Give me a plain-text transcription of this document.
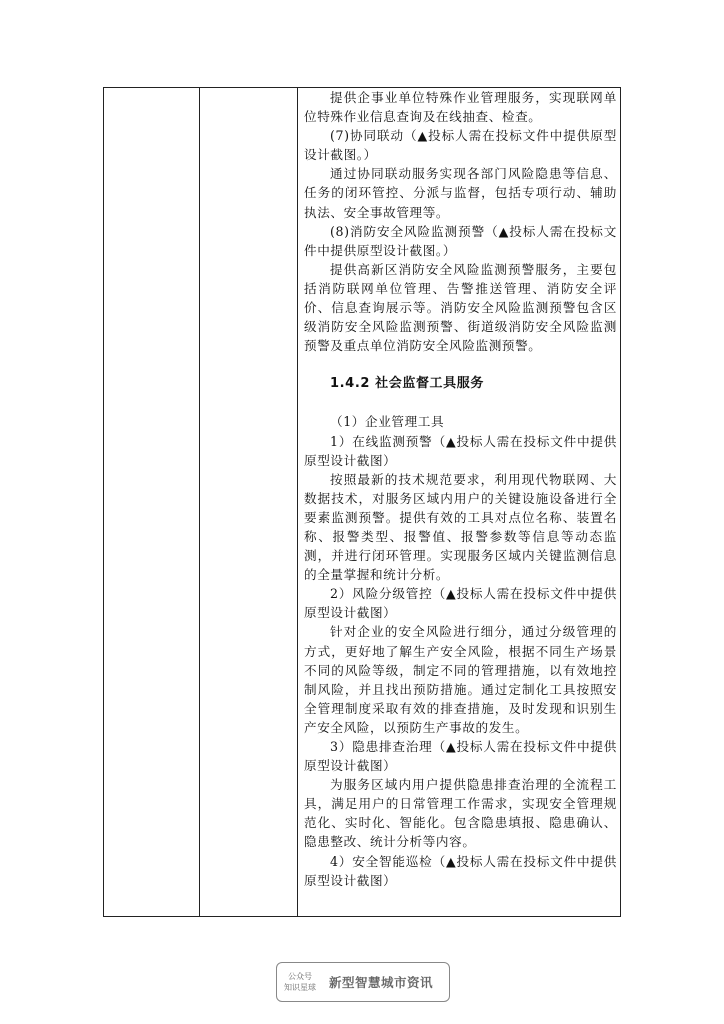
提供企事业单位特殊作业管理服务，实现联网单位特殊作业信息查询及在线抽查、检查。

(7)协同联动（▲投标人需在投标文件中提供原型设计截图。）

通过协同联动服务实现各部门风险隐患等信息、任务的闭环管控、分派与监督，包括专项行动、辅助执法、安全事故管理等。

(8)消防安全风险监测预警（▲投标人需在投标文件中提供原型设计截图。）

提供高新区消防安全风险监测预警服务，主要包括消防联网单位管理、告警推送管理、消防安全评价、信息查询展示等。消防安全风险监测预警包含区级消防安全风险监测预警、街道级消防安全风险监测预警及重点单位消防安全风险监测预警。

1.4.2 社会监督工具服务

（1）企业管理工具

1）在线监测预警（▲投标人需在投标文件中提供原型设计截图）

按照最新的技术规范要求，利用现代物联网、大数据技术，对服务区域内用户的关键设施设备进行全要素监测预警。提供有效的工具对点位名称、装置名称、报警类型、报警值、报警参数等信息等动态监测，并进行闭环管理。实现服务区域内关键监测信息的全量掌握和统计分析。

2）风险分级管控（▲投标人需在投标文件中提供原型设计截图）

针对企业的安全风险进行细分，通过分级管理的方式，更好地了解生产安全风险，根据不同生产场景不同的风险等级，制定不同的管理措施，以有效地控制风险，并且找出预防措施。通过定制化工具按照安全管理制度采取有效的排查措施，及时发现和识别生产安全风险，以预防生产事故的发生。

3）隐患排查治理（▲投标人需在投标文件中提供原型设计截图）

为服务区域内用户提供隐患排查治理的全流程工具，满足用户的日常管理工作需求，实现安全管理规范化、实时化、智能化。包含隐患填报、隐患确认、隐患整改、统计分析等内容。

4）安全智能巡检（▲投标人需在投标文件中提供原型设计截图）

公众号
知识星球 新型智慧城市资讯
